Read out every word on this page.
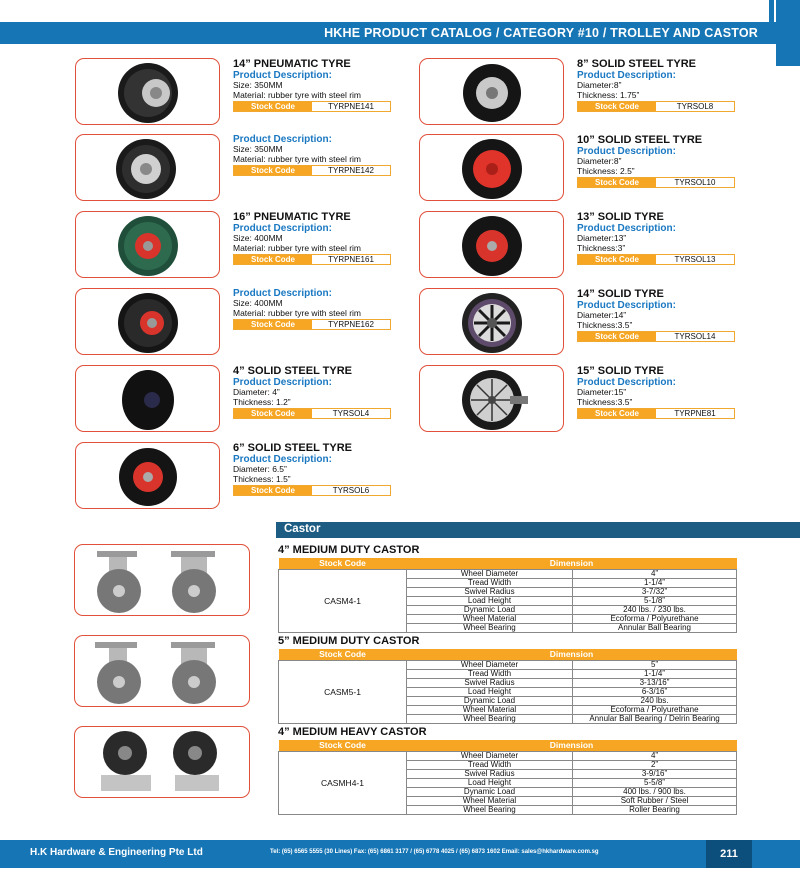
HKHE PRODUCT CATALOG / CATEGORY #10 / TROLLEY AND CASTOR
14” PNEUMATIC TYRE
Product Description:
Size: 350MM
Material: rubber tyre with steel rim
Stock Code	TYRPNE141
Product Description:
Size: 350MM
Material: rubber tyre with steel rim
Stock Code	TYRPNE142
16” PNEUMATIC TYRE
Product Description:
Size: 400MM
Material: rubber tyre with steel rim
Stock Code	TYRPNE161
Product Description:
Size: 400MM
Material: rubber tyre with steel rim
Stock Code	TYRPNE162
4” SOLID STEEL TYRE
Product Description:
Diameter: 4”
Thickness: 1.2”
Stock Code	TYRSOL4
6” SOLID STEEL TYRE
Product Description:
Diameter: 6.5”
Thickness: 1.5”
Stock Code	TYRSOL6
8” SOLID STEEL TYRE
Product Description:
Diameter:8”
Thickness: 1.75”
Stock Code	TYRSOL8
10” SOLID STEEL TYRE
Product Description:
Diameter:8”
Thickness: 2.5”
Stock Code	TYRSOL10
13” SOLID TYRE
Product Description:
Diameter:13”
Thickness:3”
Stock Code	TYRSOL13
14” SOLID TYRE
Product Description:
Diameter:14”
Thickness:3.5”
Stock Code	TYRSOL14
15” SOLID TYRE
Product Description:
Diameter:15”
Thickness:3.5”
Stock Code	TYRPNE81
Castor
4” MEDIUM DUTY CASTOR
Stock Code	Dimension	
CASM4-1	Wheel Diameter	4”
	Tread Width	1-1/4”
	Swivel Radius	3-7/32”
	Load Height	5-1/8”
	Dynamic Load	240 lbs. / 230 lbs.
	Wheel Material	Ecoforma / Polyurethane
	Wheel Bearing	Annular Ball Bearing
5” MEDIUM DUTY CASTOR
Stock Code	Dimension	
CASM5-1	Wheel Diameter	5”
	Tread Width	1-1/4”
	Swivel Radius	3-13/16”
	Load Height	6-3/16”
	Dynamic Load	240 lbs.
	Wheel Material	Ecoforma / Polyurethane
	Wheel Bearing	Annular Ball Bearing / Delrin Bearing
4” MEDIUM HEAVY CASTOR
Stock Code	Dimension	
CASMH4-1	Wheel Diameter	4”
	Tread Width	2”
	Swivel Radius	3-9/16”
	Load Height	5-5/8”
	Dynamic Load	400 lbs. / 900 lbs.
	Wheel Material	Soft Rubber / Steel
	Wheel Bearing	Roller Bearing
H.K Hardware & Engineering Pte Ltd	Tel: (65) 6565 5555 (30 Lines) Fax: (65) 6861 3177 / (65) 6778 4025 / (65) 6873 1602 Email: sales@hkhardware.com.sg	211
